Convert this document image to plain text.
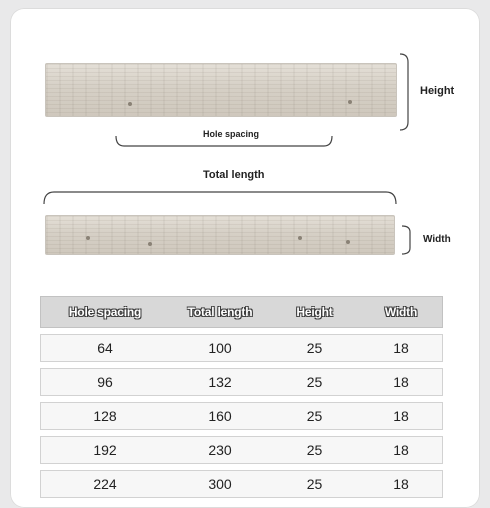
Height
Hole spacing
Total length
Width
Hole spacing	Total length	Height	Width
64	100	25	18
96	132	25	18
128	160	25	18
192	230	25	18
224	300	25	18
